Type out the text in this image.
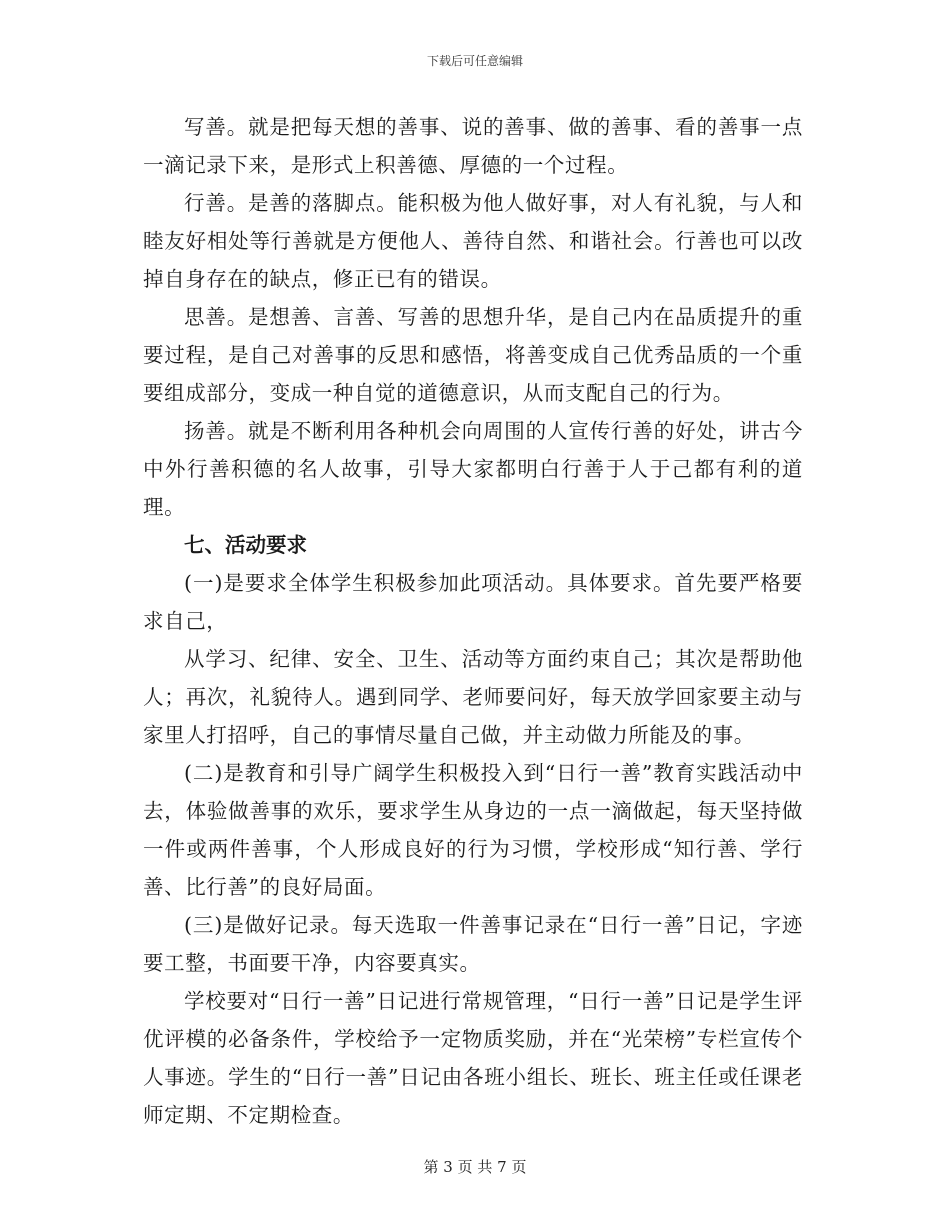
下载后可任意编辑

写善。就是把每天想的善事、说的善事、做的善事、看的善事一点一滴记录下来，是形式上积善德、厚德的一个过程。

行善。是善的落脚点。能积极为他人做好事，对人有礼貌，与人和睦友好相处等行善就是方便他人、善待自然、和谐社会。行善也可以改掉自身存在的缺点，修正已有的错误。

思善。是想善、言善、写善的思想升华，是自己内在品质提升的重要过程，是自己对善事的反思和感悟，将善变成自己优秀品质的一个重要组成部分，变成一种自觉的道德意识，从而支配自己的行为。

扬善。就是不断利用各种机会向周围的人宣传行善的好处，讲古今中外行善积德的名人故事，引导大家都明白行善于人于己都有利的道理。

七、活动要求

(一)是要求全体学生积极参加此项活动。具体要求。首先要严格要求自己，

从学习、纪律、安全、卫生、活动等方面约束自己；其次是帮助他人；再次，礼貌待人。遇到同学、老师要问好，每天放学回家要主动与家里人打招呼，自己的事情尽量自己做，并主动做力所能及的事。

(二)是教育和引导广阔学生积极投入到“日行一善”教育实践活动中去，体验做善事的欢乐，要求学生从身边的一点一滴做起，每天坚持做一件或两件善事，个人形成良好的行为习惯，学校形成“知行善、学行善、比行善”的良好局面。

(三)是做好记录。每天选取一件善事记录在“日行一善”日记，字迹要工整，书面要干净，内容要真实。

学校要对“日行一善”日记进行常规管理，“日行一善”日记是学生评优评模的必备条件，学校给予一定物质奖励，并在“光荣榜”专栏宣传个人事迹。学生的“日行一善”日记由各班小组长、班长、班主任或任课老师定期、不定期检查。

第 3 页 共 7 页
